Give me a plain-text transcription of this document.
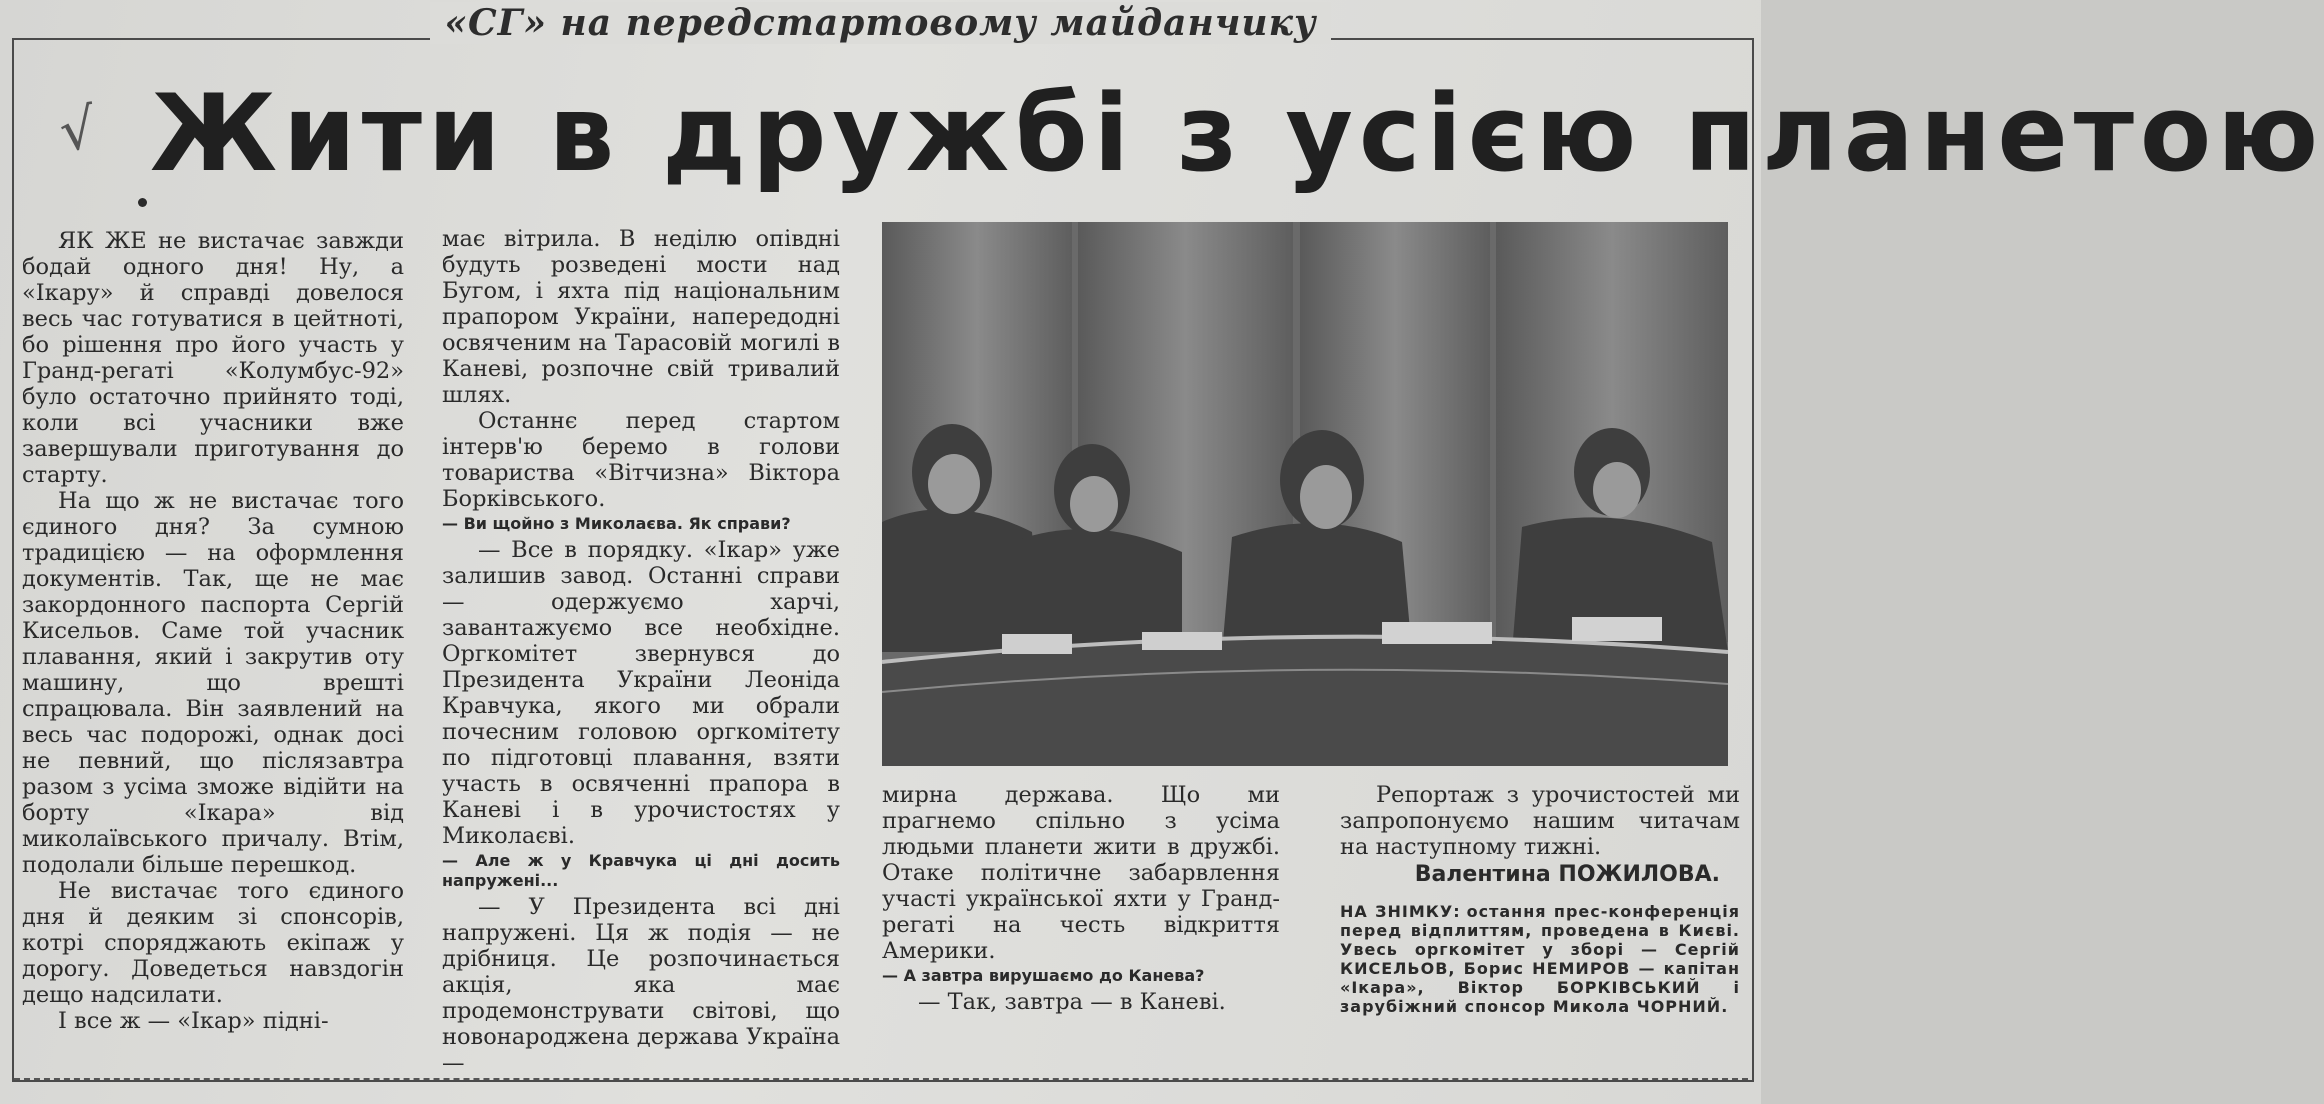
«СГ» на передстартовому майданчику
√ Жити в дружбі з усією планетою

ЯК ЖЕ не вистачає завжди бодай одного дня! Ну, а «Ікару» й справді довелося весь час готуватися в цейтноті, бо рішення про його участь у Гранд-регаті «Колумбус-92» було остаточно прийнято тоді, коли всі учасники вже завершували приготування до старту.

На що ж не вистачає того єдиного дня? За сумною традицією — на оформлення документів. Так, ще не має закордонного паспорта Сергій Кисельов. Саме той учасник плавання, який і закрутив оту машину, що врешті спрацювала. Він заявлений на весь час подорожі, однак досі не певний, що післязавтра разом з усіма зможе відійти на борту «Ікара» від миколаївського причалу. Втім, подолали більше перешкод.

Не вистачає того єдиного дня й деяким зі спонсорів, котрі споряджають екіпаж у дорогу. Доведеться навздогін дещо надсилати.

І все ж — «Ікар» підні-

має вітрила. В неділю опівдні будуть розведені мости над Бугом, і яхта під національним прапором України, напередодні освяченим на Тарасовій могилі в Каневі, розпочне свій тривалий шлях.

Останнє перед стартом інтерв'ю беремо в голови товариства «Вітчизна» Віктора Борківського.

— Ви щойно з Миколаєва. Як справи?

— Все в порядку. «Ікар» уже залишив завод. Останні справи — одержуємо харчі, завантажуємо все необхідне. Оргкомітет звернувся до Президента України Леоніда Кравчука, якого ми обрали почесним головою оргкомітету по підготовці плавання, взяти участь в освяченні прапора в Каневі і в урочистостях у Миколаєві.

— Але ж у Кравчука ці дні досить напружені...

— У Президента всі дні напружені. Ця ж подія — не дрібниця. Це розпочинається акція, яка має продемонструвати світові, що новонароджена держава Україна —

мирна держава. Що ми прагнемо спільно з усіма людьми планети жити в дружбі. Отаке політичне забарвлення участі української яхти у Гранд-регаті на честь відкриття Америки.

— А завтра вирушаємо до Канева?

— Так, завтра — в Каневі.

Репортаж з урочистостей ми запропонуємо нашим читачам на наступному тижні.

Валентина ПОЖИЛОВА.
НА ЗНІМКУ: остання прес-конференція перед відплиттям, проведена в Києві. Увесь оргкомітет у зборі — Сергій КИСЕЛЬОВ, Борис НЕМИРОВ — капітан «Ікара», Віктор БОРКІВСЬКИЙ і зарубіжний спонсор Микола ЧОРНИЙ.
